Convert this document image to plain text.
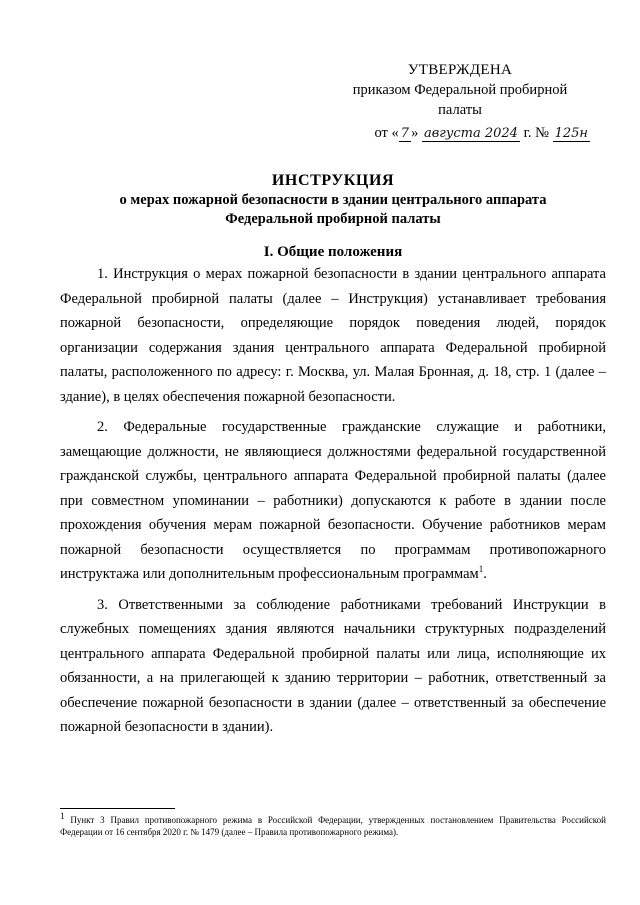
УТВЕРЖДЕНА
приказом Федеральной пробирной
палаты
от « 7 » августа 2024 г. № 125н
ИНСТРУКЦИЯ
о мерах пожарной безопасности в здании центрального аппарата
Федеральной пробирной палаты
I. Общие положения

1. Инструкция о мерах пожарной безопасности в здании центрального аппарата Федеральной пробирной палаты (далее – Инструкция) устанавливает требования пожарной безопасности, определяющие порядок поведения людей, порядок организации содержания здания центрального аппарата Федеральной пробирной палаты, расположенного по адресу: г. Москва, ул. Малая Бронная, д. 18, стр. 1 (далее – здание), в целях обеспечения пожарной безопасности.

2. Федеральные государственные гражданские служащие и работники, замещающие должности, не являющиеся должностями федеральной государственной гражданской службы, центрального аппарата Федеральной пробирной палаты (далее при совместном упоминании – работники) допускаются к работе в здании после прохождения обучения мерам пожарной безопасности. Обучение работников мерам пожарной безопасности осуществляется по программам противопожарного инструктажа или дополнительным профессиональным программам$^1$.

3. Ответственными за соблюдение работниками требований Инструкции в служебных помещениях здания являются начальники структурных подразделений центрального аппарата Федеральной пробирной палаты или лица, исполняющие их обязанности, а на прилегающей к зданию территории – работник, ответственный за обеспечение пожарной безопасности в здании (далее – ответственный за обеспечение пожарной безопасности в здании).

$^1$ Пункт 3 Правил противопожарного режима в Российской Федерации, утвержденных постановлением Правительства Российской Федерации от 16 сентября 2020 г. № 1479 (далее – Правила противопожарного режима).
